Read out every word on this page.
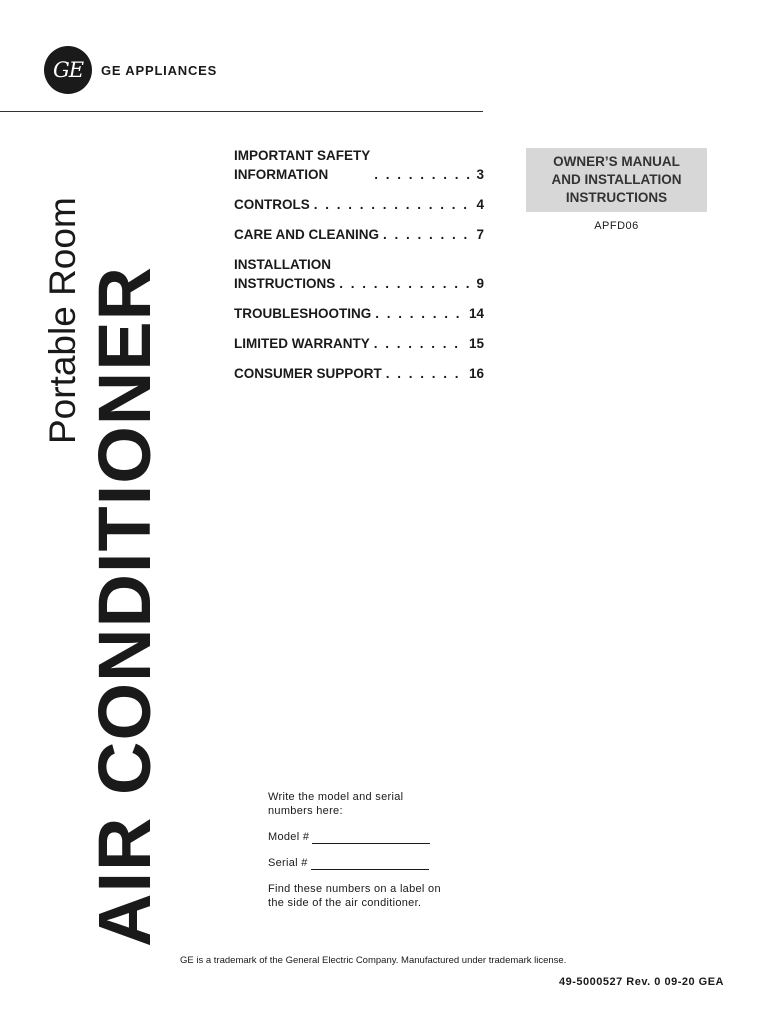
GE GE APPLIANCES
Portable Room AIR CONDITIONER
IMPORTANT SAFETY
INFORMATION . . .	3
CONTROLS . . .	4
CARE AND CLEANING . . .	7
INSTALLATION
INSTRUCTIONS . . .	9
TROUBLESHOOTING . . .	14
LIMITED WARRANTY . . .	15
CONSUMER SUPPORT . . .	16
OWNER’S MANUAL
AND INSTALLATION
INSTRUCTIONS
APFD06
Write the model and serial
numbers here:
Model #
Serial #
Find these numbers on a label on
the side of the air conditioner.
GE is a trademark of the General Electric Company. Manufactured under trademark license.
49-5000527 Rev. 0 09-20 GEA
